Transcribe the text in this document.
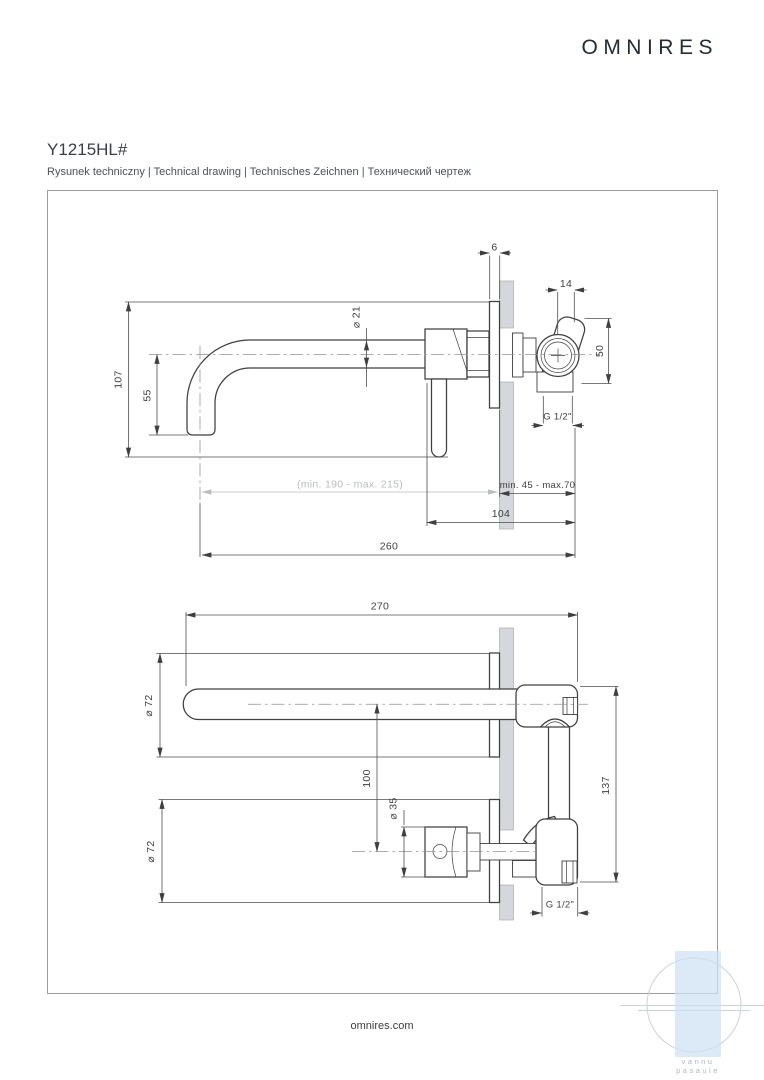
OMNIRES
Y1215HL#
Rysunek techniczny | Technical drawing | Technisches Zeichnen | Технический чертеж
6
14
50
⌀ 21
107
55
(min. 190 - max. 215)	min. 45 - max.70
104
260
G 1/2"
270
⌀ 72
⌀ 72
100
⌀ 35
137
G 1/2"
vannu
pasaule
omnires.com
